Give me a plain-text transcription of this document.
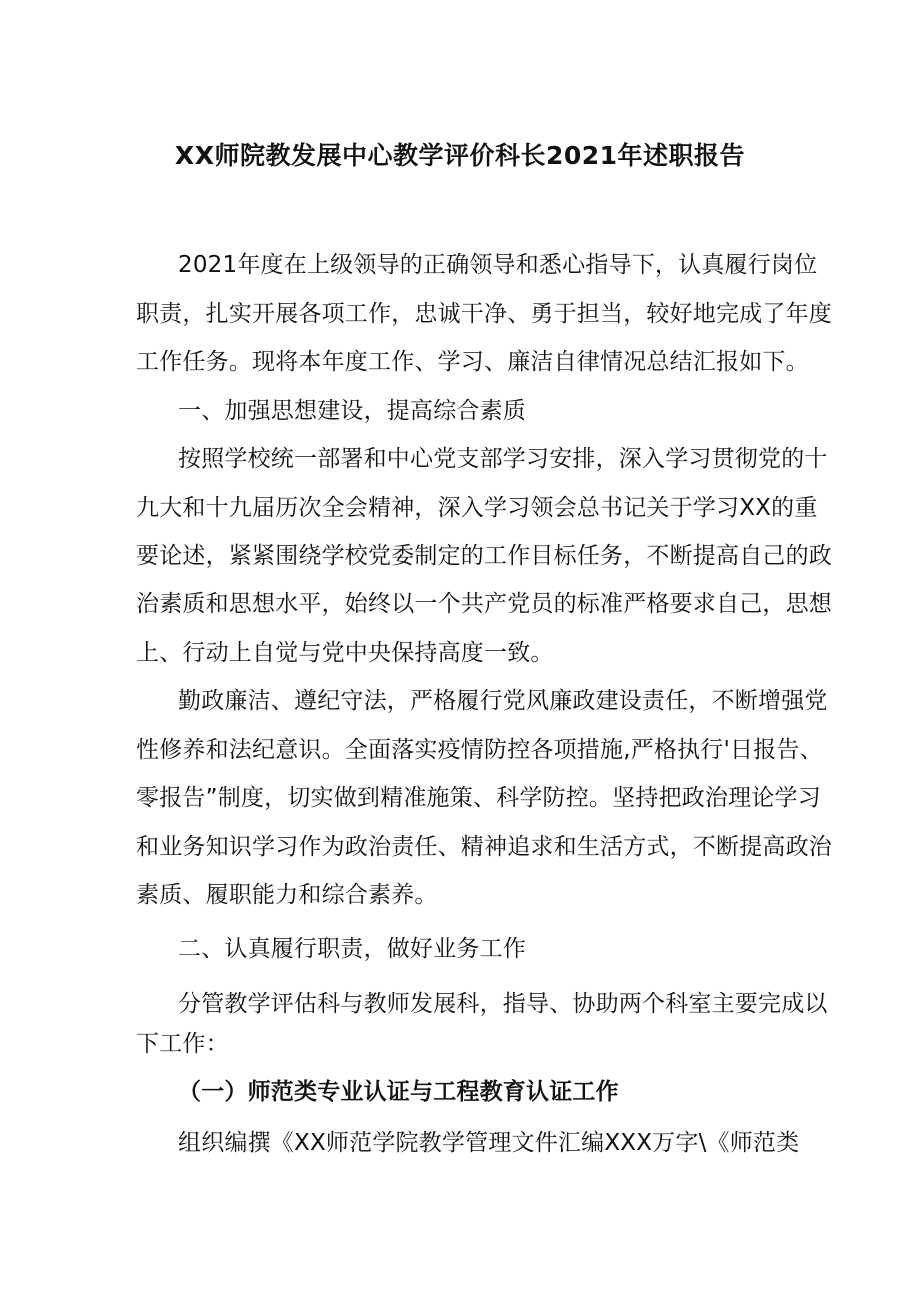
XX师院教发展中心教学评价科长2021年述职报告
2021年度在上级领导的正确领导和悉心指导下，认真履行岗位
职责，扎实开展各项工作，忠诚干净、勇于担当，较好地完成了年度
工作任务。现将本年度工作、学习、廉洁自律情况总结汇报如下。
一、加强思想建设，提高综合素质
按照学校统一部署和中心党支部学习安排，深入学习贯彻党的十
九大和十九届历次全会精神，深入学习领会总书记关于学习XX的重
要论述，紧紧围绕学校党委制定的工作目标任务，不断提高自己的政
治素质和思想水平，始终以一个共产党员的标准严格要求自己，思想
上、行动上自觉与党中央保持高度一致。
勤政廉洁、遵纪守法，严格履行党风廉政建设责任，不断增强党
性修养和法纪意识。全面落实疫情防控各项措施,严格执行'日报告、
零报告”制度，切实做到精准施策、科学防控。坚持把政治理论学习
和业务知识学习作为政治责任、精神追求和生活方式，不断提高政治
素质、履职能力和综合素养。
二、认真履行职责，做好业务工作
分管教学评估科与教师发展科，指导、协助两个科室主要完成以
下工作：
（一）师范类专业认证与工程教育认证工作
组织编撰《XX师范学院教学管理文件汇编XXX万字\《师范类
